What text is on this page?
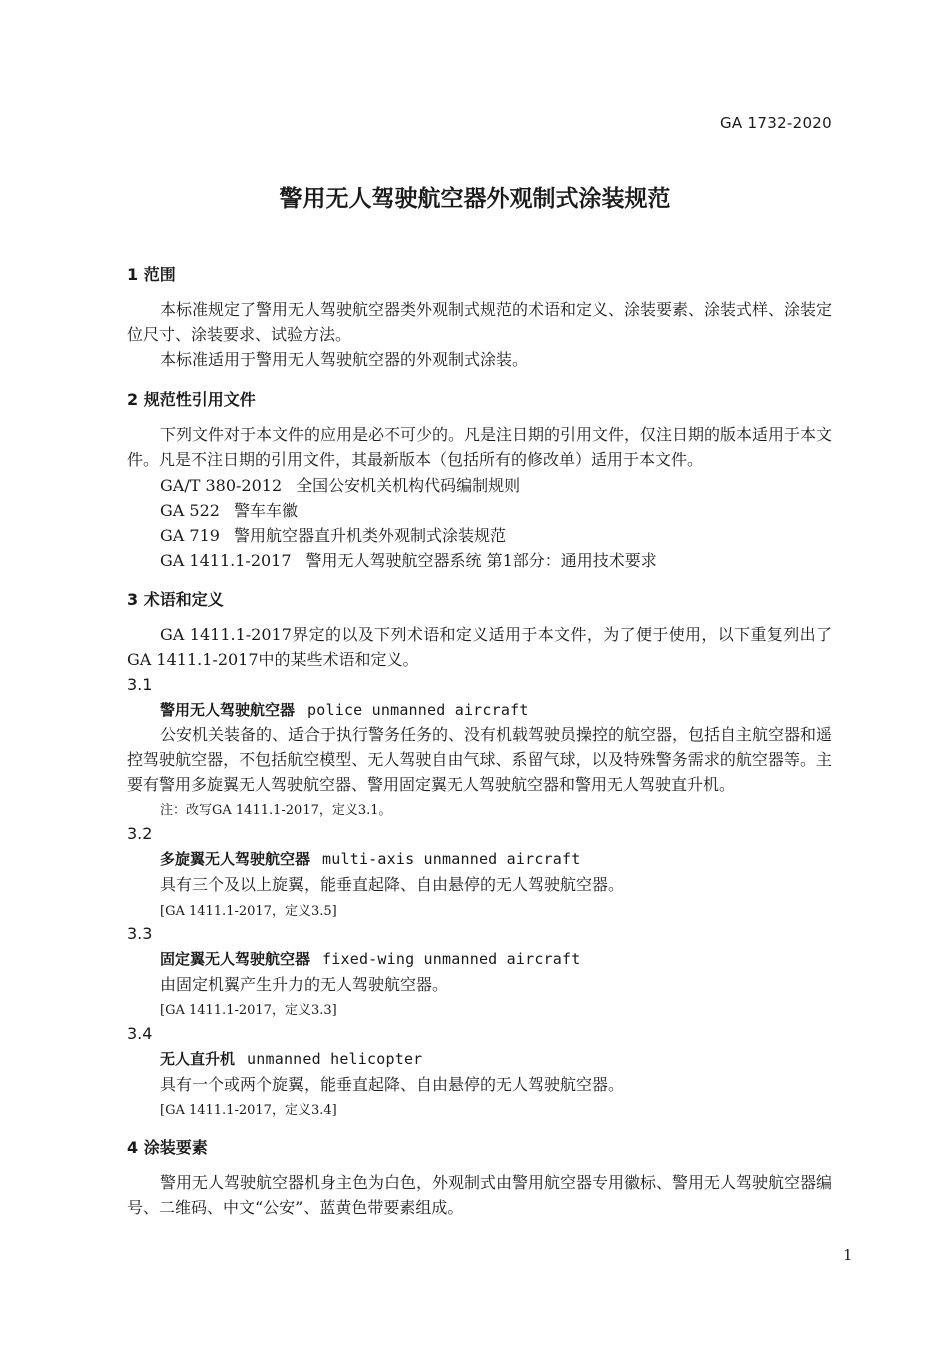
GA 1732-2020
警用无人驾驶航空器外观制式涂装规范
1 范围

本标准规定了警用无人驾驶航空器类外观制式规范的术语和定义、涂装要素、涂装式样、涂装定位尺寸、涂装要求、试验方法。

本标准适用于警用无人驾驶航空器的外观制式涂装。

2 规范性引用文件

下列文件对于本文件的应用是必不可少的。凡是注日期的引用文件，仅注日期的版本适用于本文件。凡是不注日期的引用文件，其最新版本（包括所有的修改单）适用于本文件。

GA/T 380-2012 全国公安机关机构代码编制规则
GA 522 警车车徽
GA 719 警用航空器直升机类外观制式涂装规范
GA 1411.1-2017 警用无人驾驶航空器系统 第1部分：通用技术要求
3 术语和定义

GA 1411.1-2017界定的以及下列术语和定义适用于本文件，为了便于使用，以下重复列出了GA 1411.1-2017中的某些术语和定义。

3.1
警用无人驾驶航空器 police unmanned aircraft

公安机关装备的、适合于执行警务任务的、没有机载驾驶员操控的航空器，包括自主航空器和遥控驾驶航空器，不包括航空模型、无人驾驶自由气球、系留气球，以及特殊警务需求的航空器等。主要有警用多旋翼无人驾驶航空器、警用固定翼无人驾驶航空器和警用无人驾驶直升机。

注：改写GA 1411.1-2017，定义3.1。
3.2
多旋翼无人驾驶航空器 multi-axis unmanned aircraft
具有三个及以上旋翼，能垂直起降、自由悬停的无人驾驶航空器。
[GA 1411.1-2017，定义3.5]
3.3
固定翼无人驾驶航空器 fixed-wing unmanned aircraft
由固定机翼产生升力的无人驾驶航空器。
[GA 1411.1-2017，定义3.3]
3.4
无人直升机 unmanned helicopter
具有一个或两个旋翼，能垂直起降、自由悬停的无人驾驶航空器。
[GA 1411.1-2017，定义3.4]
4 涂装要素

警用无人驾驶航空器机身主色为白色，外观制式由警用航空器专用徽标、警用无人驾驶航空器编号、二维码、中文“公安”、蓝黄色带要素组成。

1
